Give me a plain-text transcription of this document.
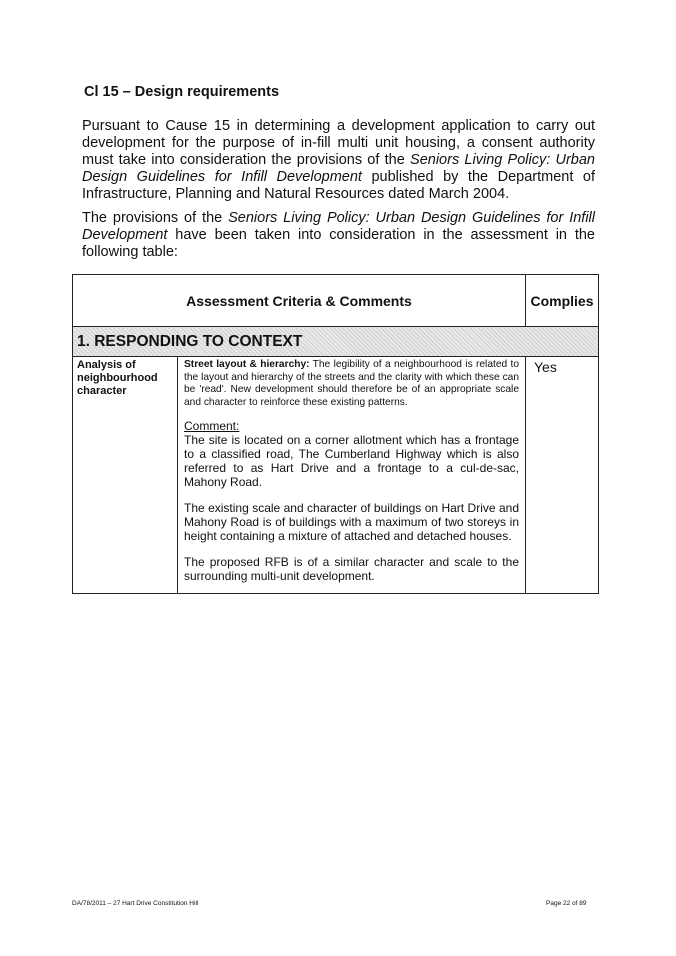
Cl 15 – Design requirements
Pursuant to Cause 15 in determining a development application to carry out development for the purpose of in-fill multi unit housing, a consent authority must take into consideration the provisions of the Seniors Living Policy: Urban Design Guidelines for Infill Development published by the Department of Infrastructure, Planning and Natural Resources dated March 2004.
The provisions of the Seniors Living Policy: Urban Design Guidelines for Infill Development have been taken into consideration in the assessment in the following table:
Assessment Criteria & Comments		Complies
1. RESPONDING TO CONTEXT		
Analysis of neighbourhood character	Street layout & hierarchy: The legibility of a neighbourhood is related to the layout and hierarchy of the streets and the clarity with which these can be 'read'. New development should therefore be of an appropriate scale and character to reinforce these existing patterns.

Comment:

The site is located on a corner allotment which has a frontage to a classified road, The Cumberland Highway which is also referred to as Hart Drive and a frontage to a cul-de-sac, Mahony Road.

The existing scale and character of buildings on Hart Drive and Mahony Road is of buildings with a maximum of two storeys in height containing a mixture of attached and detached houses.

The proposed RFB is of a similar character and scale to the surrounding multi-unit development.	Yes
DA/78/2011 – 27 Hart Drive Constitution Hill	Page 22 of 89
